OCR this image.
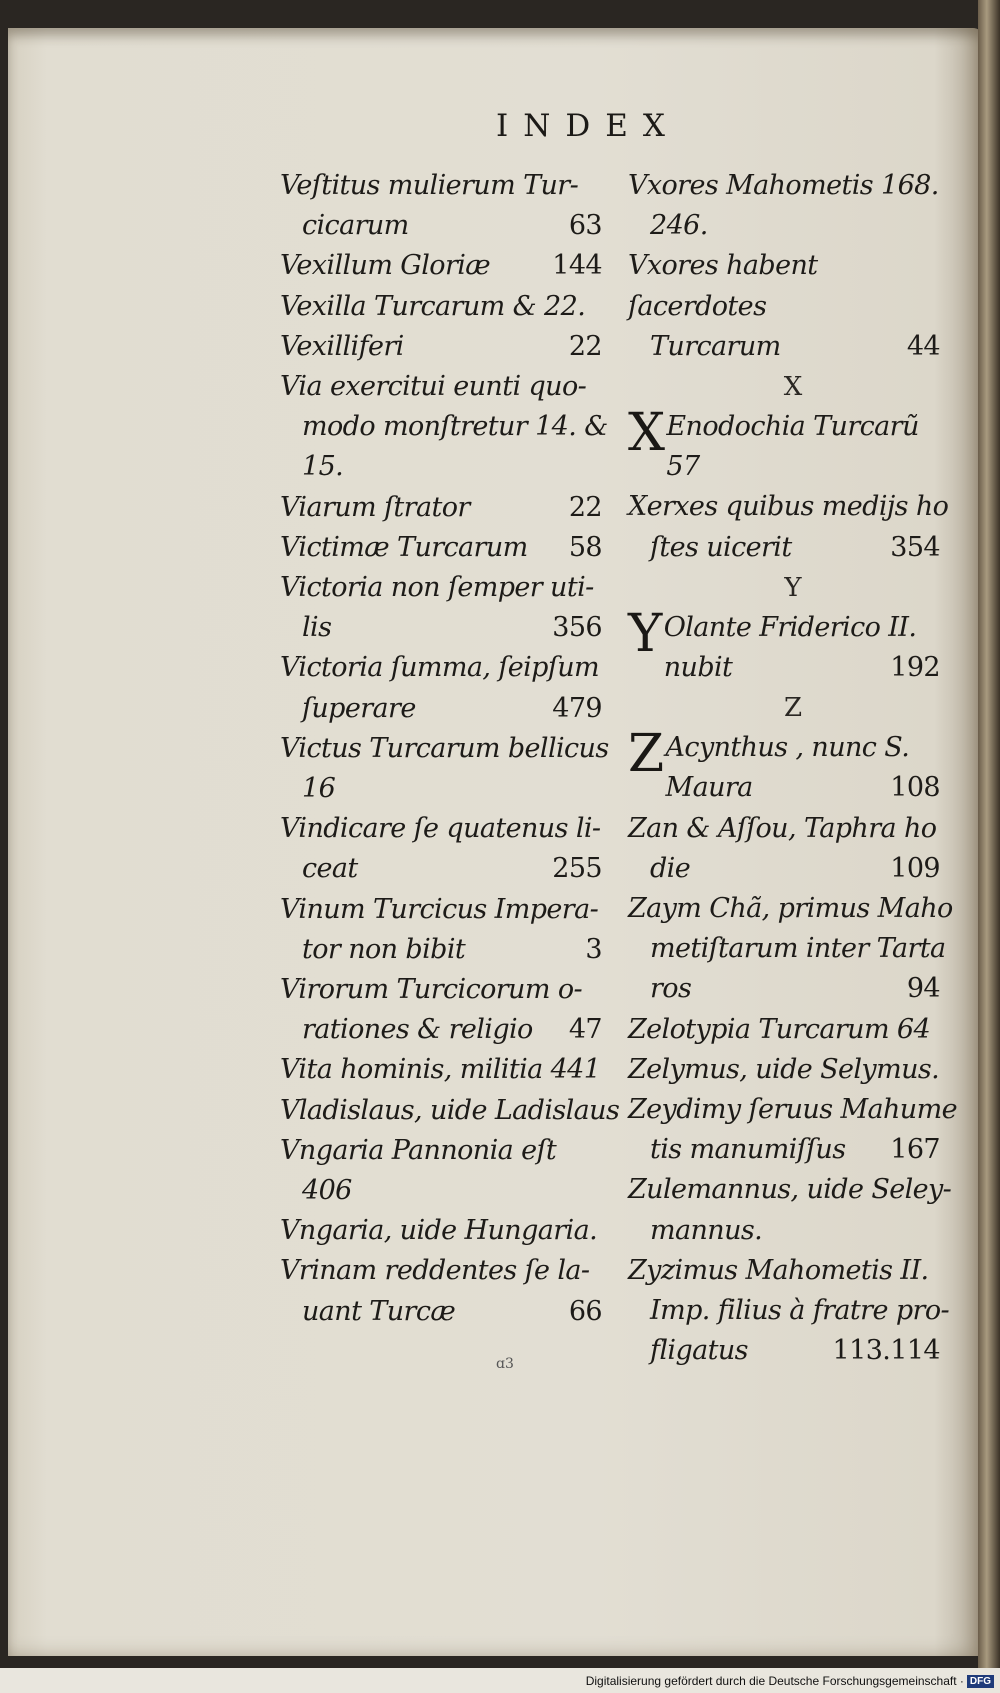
INDEX
Veſtitus mulierum Tur-
cicarum	63
Vexillum Gloriæ	144
Vexilla Turcarum & 22.
Vexilliferi	22
Via exercitui eunti quo-
modo monſtretur 14. &
15.
Viarum ſtrator	22
Victimæ Turcarum	58
Victoria non ſemper uti-
lis	356
Victoria ſumma, ſeipſum
ſuperare	479
Victus Turcarum bellicus
16
Vindicare ſe quatenus li-
ceat	255
Vinum Turcicus Impera-
tor non bibit	3
Virorum Turcicorum o-
rationes & religio	47
Vita hominis, militia 441
Vladislaus, uide Ladislaus
Vngaria Pannonia eſt
406
Vngaria, uide Hungaria.
Vrinam reddentes ſe la-
uant Turcæ	66
Vxores Mahometis 168.
246.
Vxores habent ſacerdotes
Turcarum	44
X
X Enodochia Turcarũ
57
Xerxes quibus medijs ho
ſtes uicerit	354
Y
Y Olante Friderico II.
nubit	192
Z
Z Acynthus , nunc S.
Maura	108
Zan & Aſſou, Taphra ho
die	109
Zaym Chã, primus Maho
metiſtarum inter Tarta
ros	94
Zelotypia Turcarum 64
Zelymus, uide Selymus.
Zeydimy ſeruus Mahume
tis manumiſſus	167
Zulemannus, uide Seley-
mannus.
Zyzimus Mahometis II.
Imp. filius à fratre pro-
fligatus	113.114
ɑ3
Digitalisierung gefördert durch die Deutsche Forschungsgemeinschaft · DFG
